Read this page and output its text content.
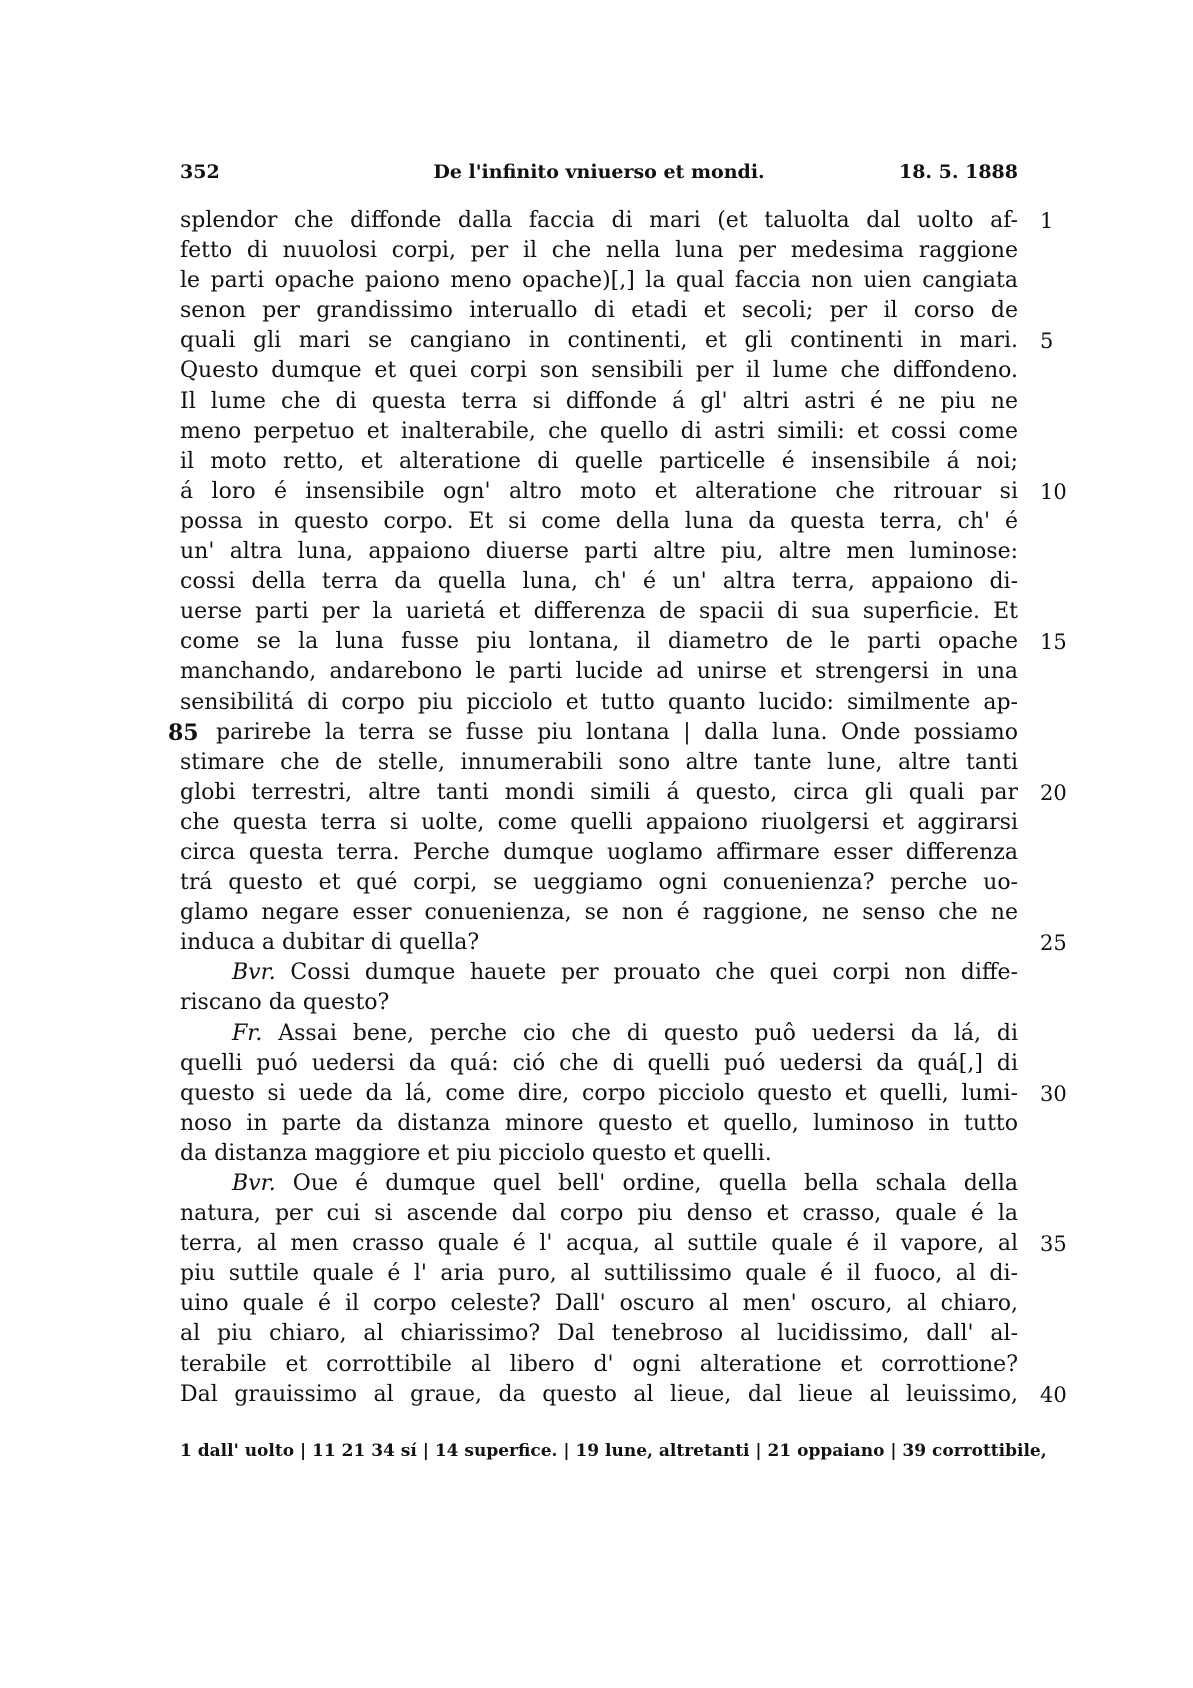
352	De l'infinito vniuerso et mondi.	18. 5. 1888
splendor che diffonde dalla faccia di mari (et taluolta dal uolto af- 1
fetto di nuuolosi corpi, per il che nella luna per medesima raggione
le parti opache paiono meno opache)[,] la qual faccia non uien cangiata
senon per grandissimo interuallo di etadi et secoli; per il corso de
quali gli mari se cangiano in continenti, et gli continenti in mari. 5
Questo dumque et quei corpi son sensibili per il lume che diffondeno.
Il lume che di questa terra si diffonde á gl' altri astri é ne piu ne
meno perpetuo et inalterabile, che quello di astri simili: et cossi come
il moto retto, et alteratione di quelle particelle é insensibile á noi;
á loro é insensibile ogn' altro moto et alteratione che ritrouar si 10
possa in questo corpo. Et si come della luna da questa terra, ch' é
un' altra luna, appaiono diuerse parti altre piu, altre men luminose:
cossi della terra da quella luna, ch' é un' altra terra, appaiono di-
uerse parti per la uarietá et differenza de spacii di sua superficie. Et
come se la luna fusse piu lontana, il diametro de le parti opache 15
manchando, andarebono le parti lucide ad unirse et strengersi in una
sensibilitá di corpo piu picciolo et tutto quanto lucido: similmente ap-
85 parirebe la terra se fusse piu lontana | dalla luna. Onde possiamo
stimare che de stelle, innumerabili sono altre tante lune, altre tanti
globi terrestri, altre tanti mondi simili á questo, circa gli quali par 20
che questa terra si uolte, come quelli appaiono riuolgersi et aggirarsi
circa questa terra. Perche dumque uoglamo affirmare esser differenza
trá questo et qué corpi, se ueggiamo ogni conuenienza? perche uo-
glamo negare esser conuenienza, se non é raggione, ne senso che ne
induca a dubitar di quella?	25
Bvr. Cossi dumque hauete per prouato che quei corpi non diffe-
riscano da questo?
Fr. Assai bene, perche cio che di questo puô uedersi da lá, di
quelli puó uedersi da quá: ció che di quelli puó uedersi da quá[,] di
questo si uede da lá, come dire, corpo picciolo questo et quelli, lumi- 30
noso in parte da distanza minore questo et quello, luminoso in tutto
da distanza maggiore et piu picciolo questo et quelli.
Bvr. Oue é dumque quel bell' ordine, quella bella schala della
natura, per cui si ascende dal corpo piu denso et crasso, quale é la
terra, al men crasso quale é l' acqua, al suttile quale é il vapore, al 35
piu suttile quale é l' aria puro, al suttilissimo quale é il fuoco, al di-
uino quale é il corpo celeste? Dall' oscuro al men' oscuro, al chiaro,
al piu chiaro, al chiarissimo? Dal tenebroso al lucidissimo, dall' al-
terabile et corrottibile al libero d' ogni alteratione et corrottione?
Dal grauissimo al graue, da questo al lieue, dal lieue al leuissimo, 40
1 dall' uolto | 11 21 34 sí | 14 superfice. | 19 lune, altretanti | 21 oppaiano | 39 corrottibile,
